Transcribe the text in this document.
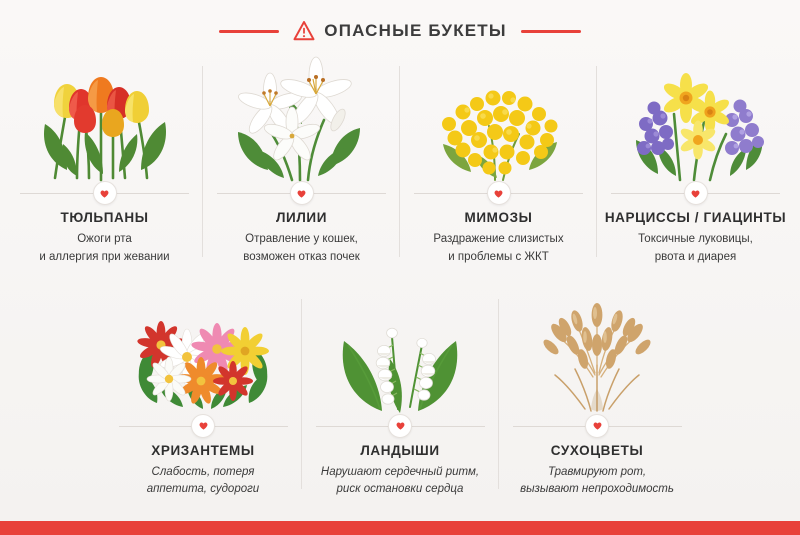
ОПАСНЫЕ БУКЕТЫ
ТЮЛЬПАНЫ
Ожоги рта
и аллергия при жевании
ЛИЛИИ
Отравление у кошек,
возможен отказ почек
МИМОЗЫ
Раздражение слизистых
и проблемы с ЖКТ
НАРЦИССЫ / ГИАЦИНТЫ
Токсичные луковицы,
рвота и диарея
ХРИЗАНТЕМЫ
Слабость, потеря
аппетита, судороги
ЛАНДЫШИ
Нарушают сердечный ритм,
риск остановки сердца
СУХОЦВЕТЫ
Травмируют рот,
вызывают непроходимость
